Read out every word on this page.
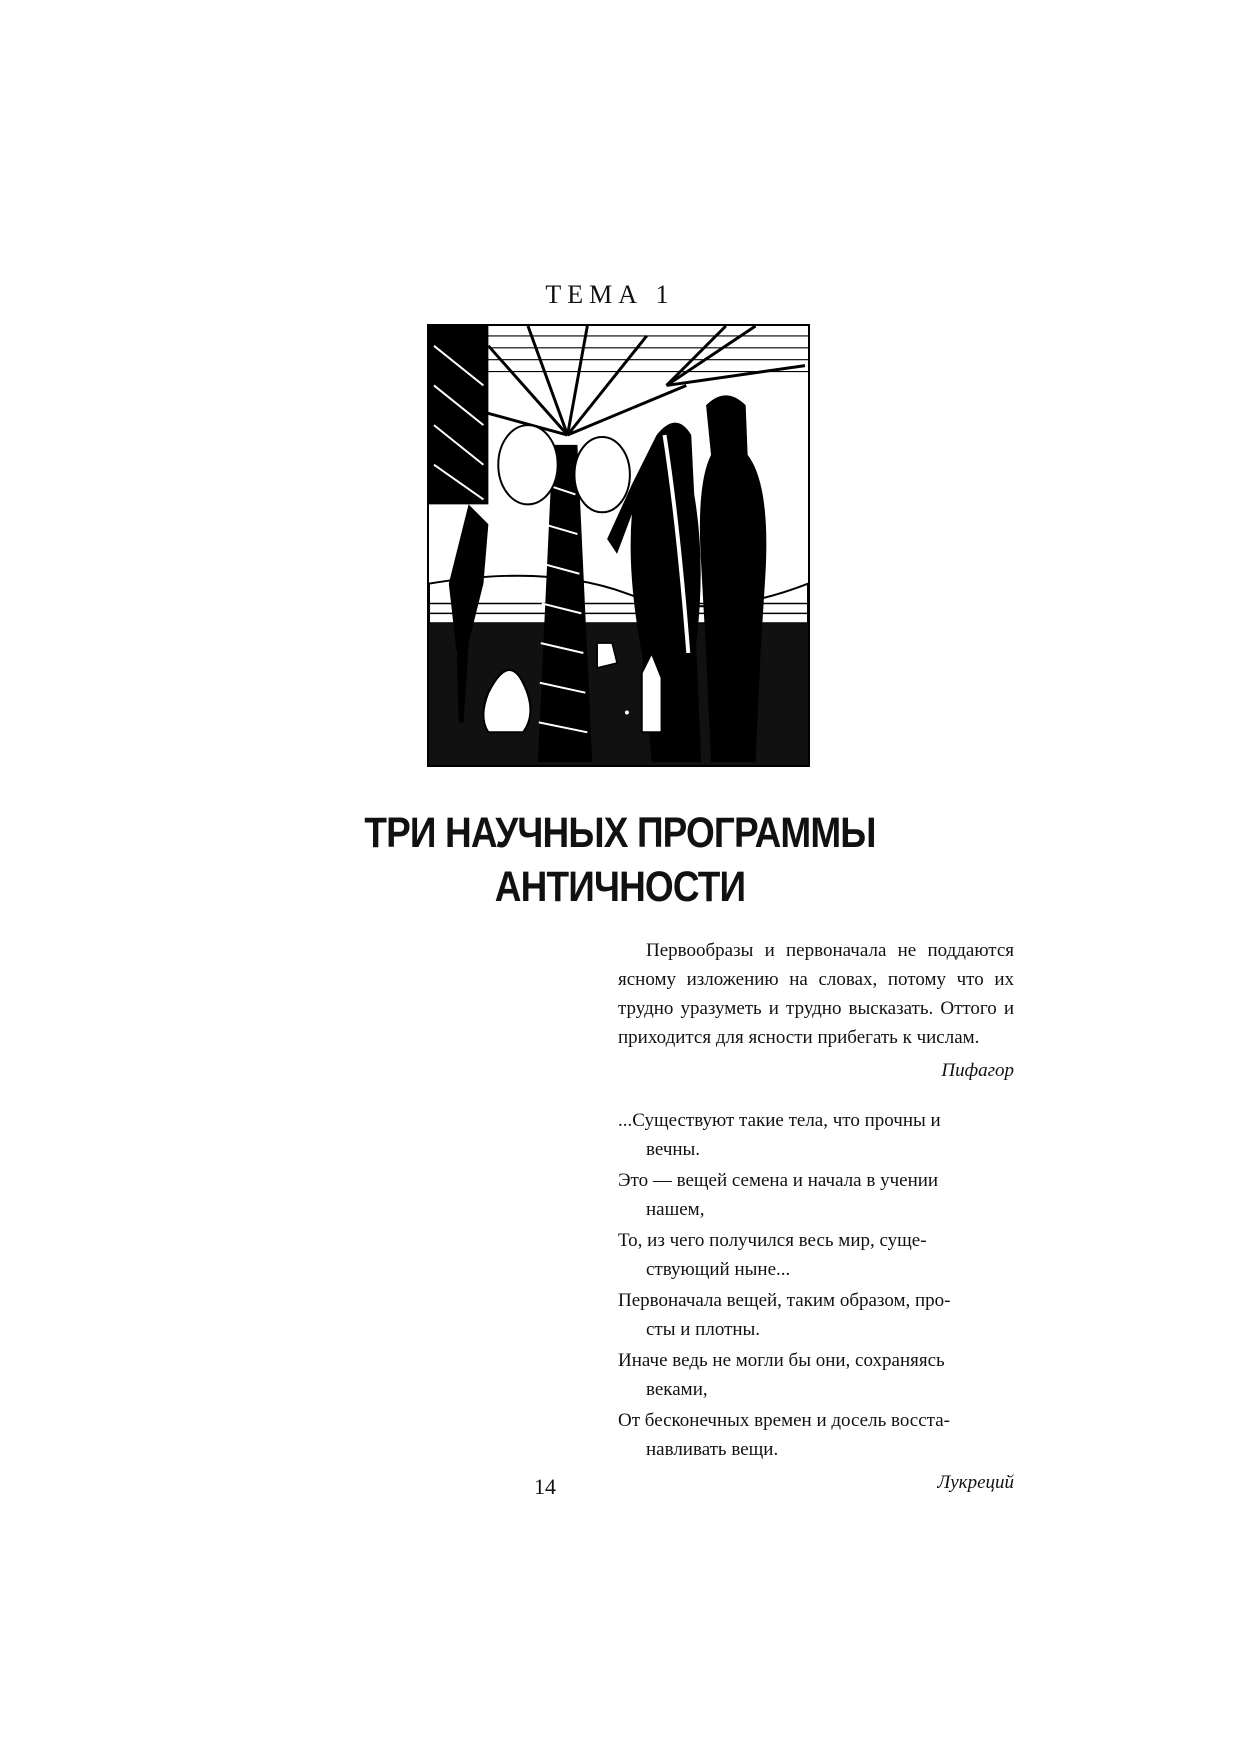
ТЕМА 1
ТРИ НАУЧНЫХ ПРОГРАММЫ
АНТИЧНОСТИ

Первообразы и первоначала не поддаются ясному изложению на словах, потому что их трудно уразуметь и трудно высказать. Оттого и приходится для ясности прибегать к числам.

Пифагор
...Существуют такие тела, что прочны и
вечны.
Это — вещей семена и начала в учении
нашем,
То, из чего получился весь мир, суще-
ствующий ныне...
Первоначала вещей, таким образом, про-
сты и плотны.
Иначе ведь не могли бы они, сохраняясь
веками,
От бесконечных времен и досель восста-
навливать вещи.
Лукреций
14
